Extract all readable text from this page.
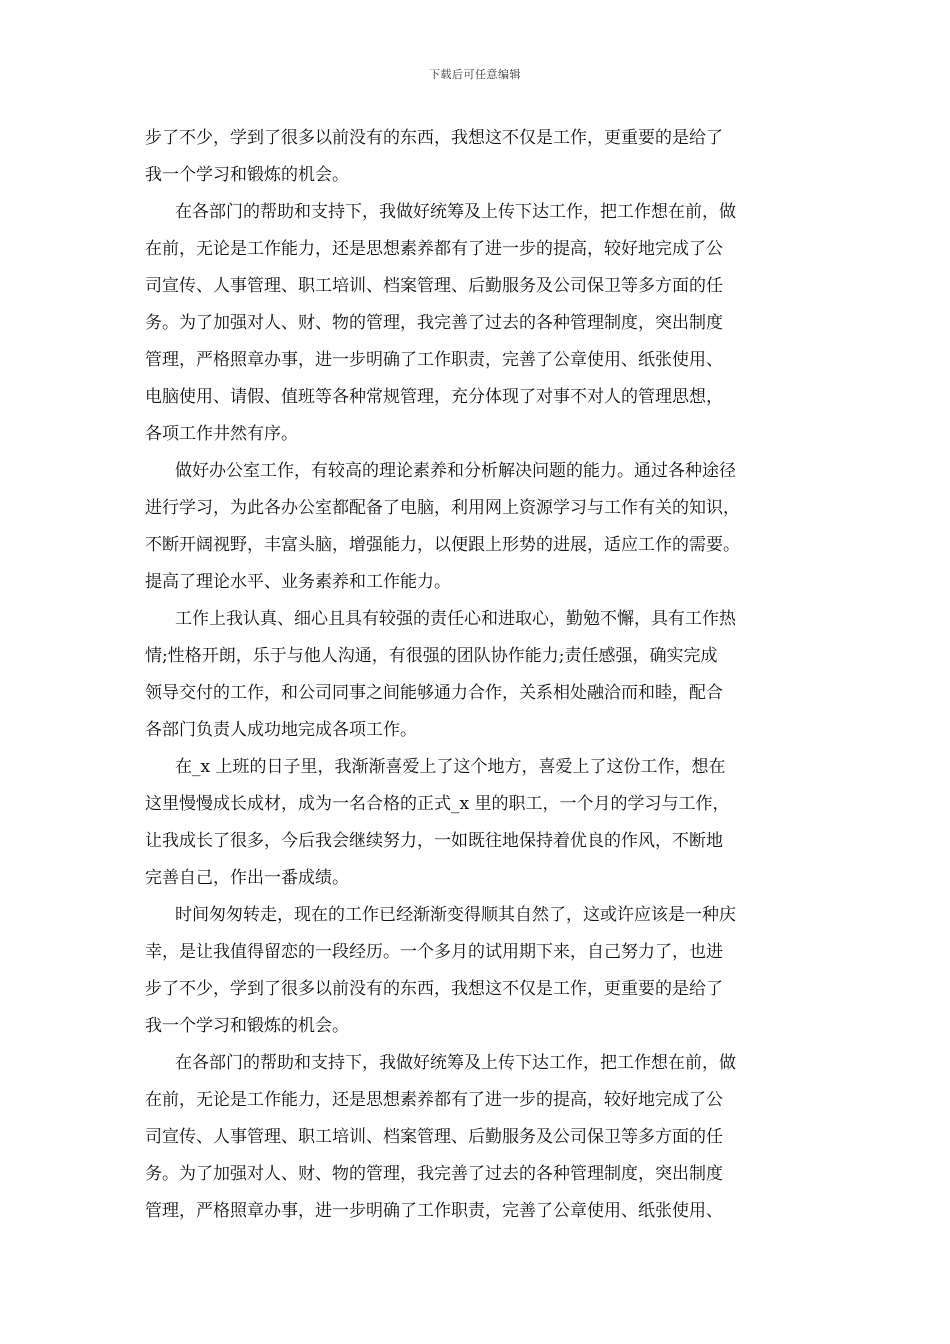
下载后可任意编辑
步了不少，学到了很多以前没有的东西，我想这不仅是工作，更重要的是给了
我一个学习和锻炼的机会。
在各部门的帮助和支持下，我做好统筹及上传下达工作，把工作想在前，做
在前，无论是工作能力，还是思想素养都有了进一步的提高，较好地完成了公
司宣传、人事管理、职工培训、档案管理、后勤服务及公司保卫等多方面的任
务。为了加强对人、财、物的管理，我完善了过去的各种管理制度，突出制度
管理，严格照章办事，进一步明确了工作职责，完善了公章使用、纸张使用、
电脑使用、请假、值班等各种常规管理，充分体现了对事不对人的管理思想，
各项工作井然有序。
做好办公室工作，有较高的理论素养和分析解决问题的能力。通过各种途径
进行学习，为此各办公室都配备了电脑，利用网上资源学习与工作有关的知识，
不断开阔视野，丰富头脑，增强能力，以便跟上形势的进展，适应工作的需要。
提高了理论水平、业务素养和工作能力。
工作上我认真、细心且具有较强的责任心和进取心，勤勉不懈，具有工作热
情;性格开朗，乐于与他人沟通，有很强的团队协作能力;责任感强，确实完成
领导交付的工作，和公司同事之间能够通力合作，关系相处融洽而和睦，配合
各部门负责人成功地完成各项工作。
在_x 上班的日子里，我渐渐喜爱上了这个地方，喜爱上了这份工作，想在
这里慢慢成长成材，成为一名合格的正式_x 里的职工，一个月的学习与工作，
让我成长了很多，今后我会继续努力，一如既往地保持着优良的作风，不断地
完善自己，作出一番成绩。
时间匆匆转走，现在的工作已经渐渐变得顺其自然了，这或许应该是一种庆
幸，是让我值得留恋的一段经历。一个多月的试用期下来，自己努力了，也进
步了不少，学到了很多以前没有的东西，我想这不仅是工作，更重要的是给了
我一个学习和锻炼的机会。
在各部门的帮助和支持下，我做好统筹及上传下达工作，把工作想在前，做
在前，无论是工作能力，还是思想素养都有了进一步的提高，较好地完成了公
司宣传、人事管理、职工培训、档案管理、后勤服务及公司保卫等多方面的任
务。为了加强对人、财、物的管理，我完善了过去的各种管理制度，突出制度
管理，严格照章办事，进一步明确了工作职责，完善了公章使用、纸张使用、
